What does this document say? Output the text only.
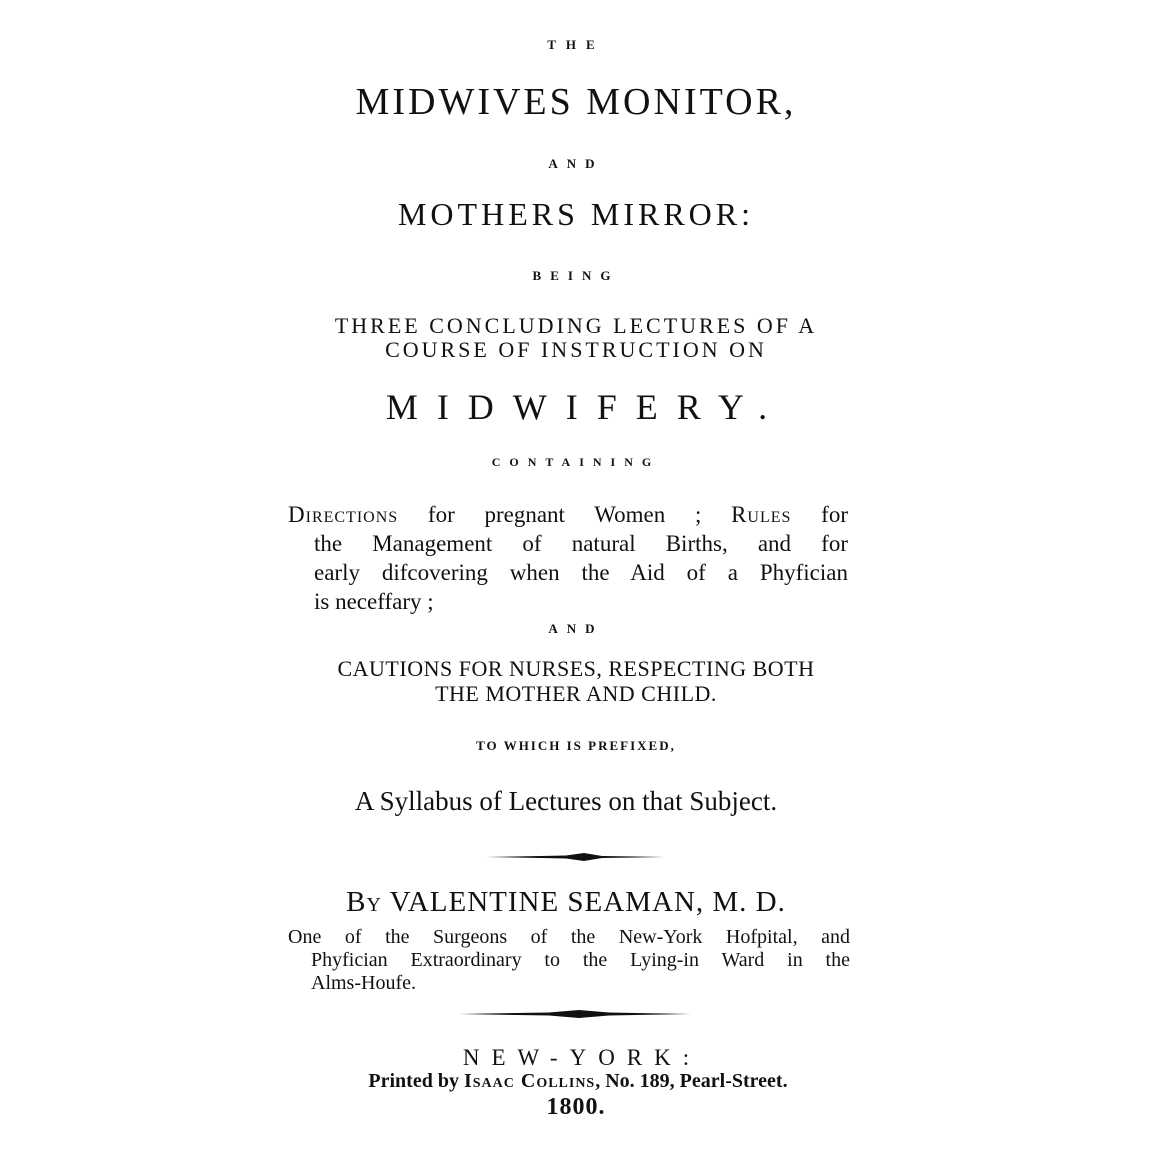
THE
MIDWIVES MONITOR,
AND
MOTHERS MIRROR:
BEING
THREE CONCLUDING LECTURES OF A
COURSE OF INSTRUCTION ON
MIDWIFERY.
CONTAINING
Directions for pregnant Women ; Rules for
the Management of natural Births, and for
early difcovering when the Aid of a Phyfician
is neceffary ;
AND
CAUTIONS FOR NURSES, RESPECTING BOTH
THE MOTHER AND CHILD.
TO WHICH IS PREFIXED,
A Syllabus of Lectures on that Subject.
By VALENTINE SEAMAN, M. D.
One of the Surgeons of the New-York Hofpital, and
Phyfician Extraordinary to the Lying-in Ward in the
Alms-Houfe.
NEW-YORK:
Printed by Isaac Collins, No. 189, Pearl-Street.
1800.
